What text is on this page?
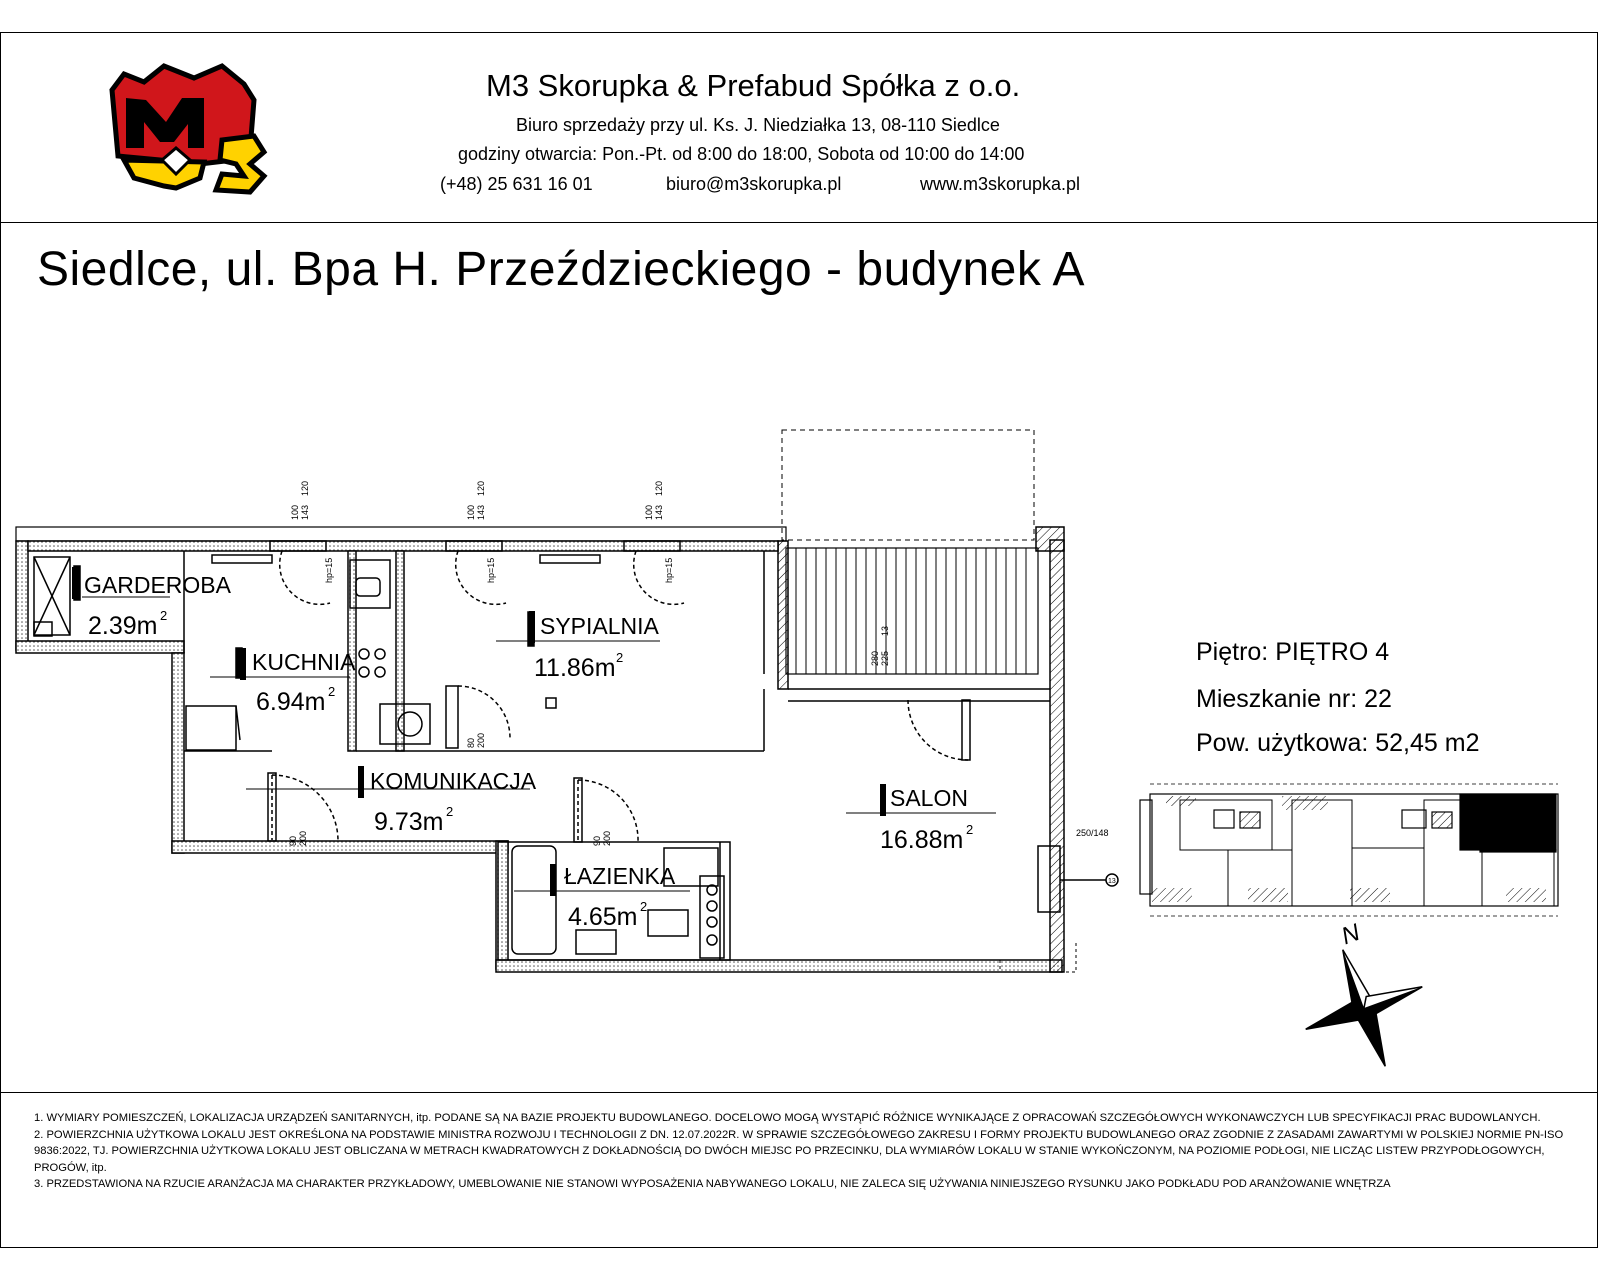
M3 Skorupka & Prefabud Spółka z o.o.
Biuro sprzedaży przy ul. Ks. J. Niedziałka 13, 08-110 Siedlce
godziny otwarcia: Pon.-Pt. od 8:00 do 18:00, Sobota od 10:00 do 14:00
(+48) 25 631 16 01	biuro@m3skorupka.pl	www.m3skorupka.pl
Siedlce, ul. Bpa H. Przeździeckiego - budynek A
Piętro: PIĘTRO 4
Mieszkanie nr: 22
Pow. użytkowa: 52,45 m2
GARDEROBA
2.39m 2
KUCHNIA
6.94m 2
SYPIALNIA
11.86m 2
KOMUNIKACJA
9.73m 2
SALON
16.88m 2
ŁAZIENKA
4.65m 2
100 143
120
100 143
120
100 143
120
hp=15	hp=15	hp=15
280 225
13
90 200	90 200
80 200
250/148
13
N

1. WYMIARY POMIESZCZEŃ, LOKALIZACJA URZĄDZEŃ SANITARNYCH, itp. PODANE SĄ NA BAZIE PROJEKTU BUDOWLANEGO. DOCELOWO MOGĄ WYSTĄPIĆ RÓŻNICE WYNIKAJĄCE Z OPRACOWAŃ SZCZEGÓŁOWYCH WYKONAWCZYCH LUB SPECYFIKACJI PRAC BUDOWLANYCH.

2. POWIERZCHNIA UŻYTKOWA LOKALU JEST OKREŚLONA NA PODSTAWIE MINISTRA ROZWOJU I TECHNOLOGII Z DN. 12.07.2022R. W SPRAWIE SZCZEGÓŁOWEGO ZAKRESU I FORMY PROJEKTU BUDOWLANEGO ORAZ ZGODNIE Z ZASADAMI ZAWARTYMI W POLSKIEJ NORMIE PN-ISO 9836:2022, TJ. POWIERZCHNIA UŻYTKOWA LOKALU JEST OBLICZANA W METRACH KWADRATOWYCH Z DOKŁADNOŚCIĄ DO DWÓCH MIEJSC PO PRZECINKU, DLA WYMIARÓW LOKALU W STANIE WYKOŃCZONYM, NA POZIOMIE PODŁOGI, NIE LICZĄC LISTEW PRZYPODŁOGOWYCH, PROGÓW, itp.

3. PRZEDSTAWIONA NA RZUCIE ARANŻACJA MA CHARAKTER PRZYKŁADOWY, UMEBLOWANIE NIE STANOWI WYPOSAŻENIA NABYWANEGO LOKALU, NIE ZALECA SIĘ UŻYWANIA NINIEJSZEGO RYSUNKU JAKO PODKŁADU POD ARANŻOWANIE WNĘTRZA
